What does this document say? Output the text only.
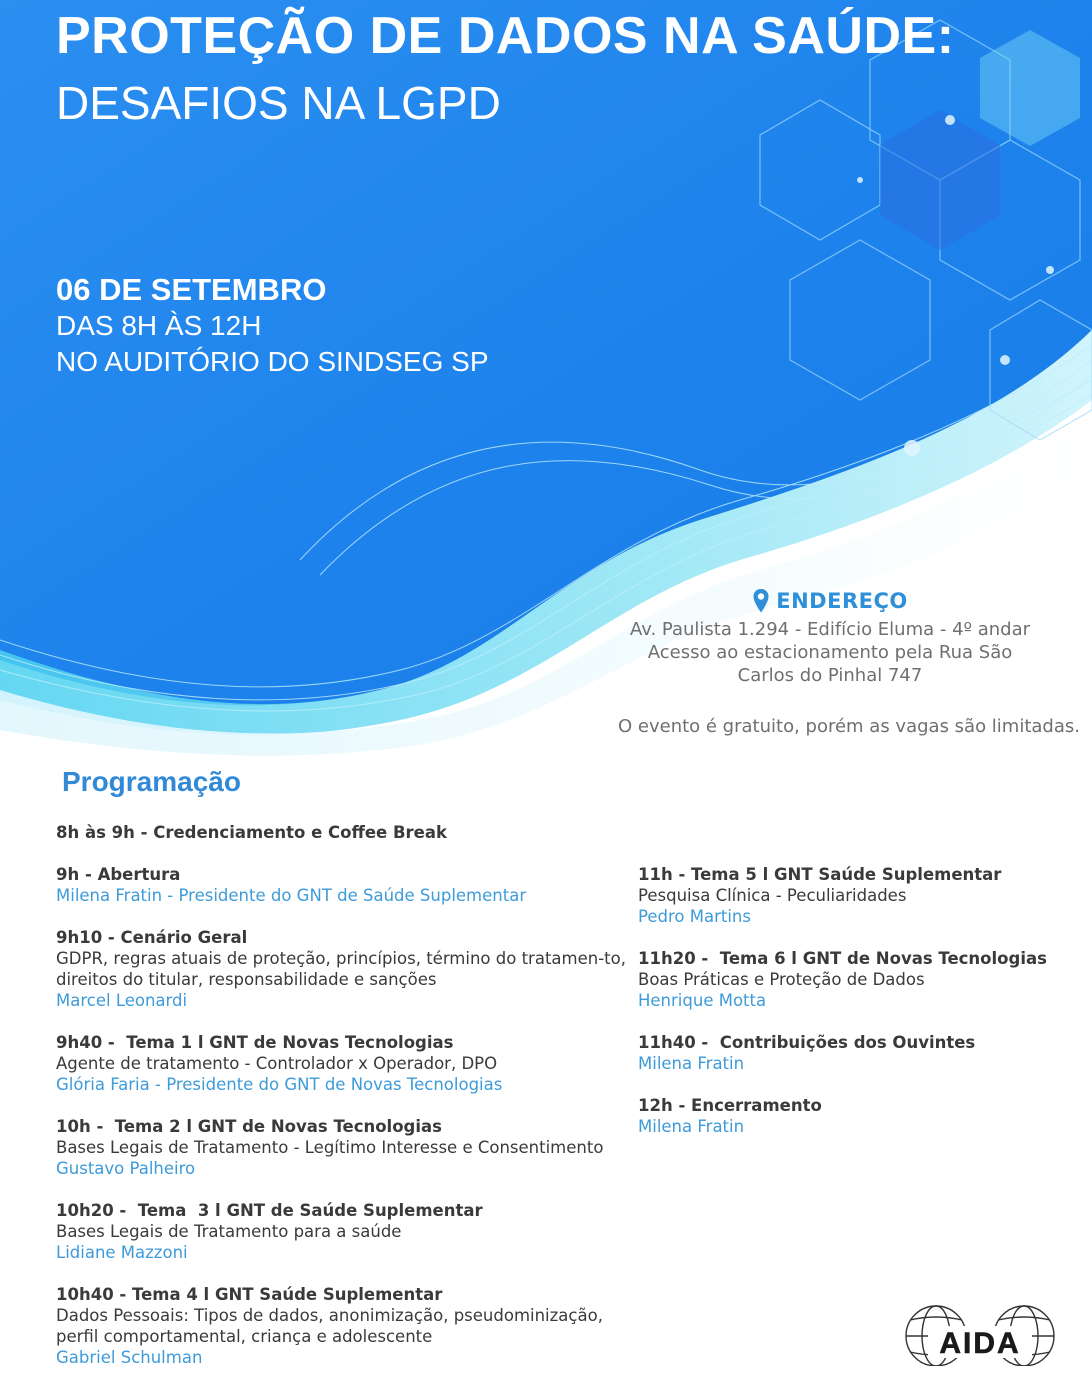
PROTEÇÃO DE DADOS NA SAÚDE:
DESAFIOS NA LGPD
06 DE SETEMBRO
DAS 8H ÀS 12H
NO AUDITÓRIO DO SINDSEG SP
ENDEREÇO
Av. Paulista 1.294 - Edifício Eluma - 4º andar
Acesso ao estacionamento pela Rua São
Carlos do Pinhal 747
O evento é gratuito, porém as vagas são limitadas.
Programação
8h às 9h - Credenciamento e Coffee Break
9h - Abertura
Milena Fratin - Presidente do GNT de Saúde Suplementar
9h10 - Cenário Geral
GDPR, regras atuais de proteção, princípios, término do tratamen-to, direitos do titular, responsabilidade e sanções
Marcel Leonardi
9h40 -  Tema 1 l GNT de Novas Tecnologias
Agente de tratamento - Controlador x Operador, DPO
Glória Faria - Presidente do GNT de Novas Tecnologias
10h -  Tema 2 l GNT de Novas Tecnologias
Bases Legais de Tratamento - Legítimo Interesse e Consentimento
Gustavo Palheiro
10h20 -  Tema  3 l GNT de Saúde Suplementar
Bases Legais de Tratamento para a saúde
Lidiane Mazzoni
10h40 - Tema 4 l GNT Saúde Suplementar
Dados Pessoais: Tipos de dados, anonimização, pseudominização, perfil comportamental, criança e adolescente
Gabriel Schulman
11h - Tema 5 l GNT Saúde Suplementar
Pesquisa Clínica - Peculiaridades
Pedro Martins
11h20 -  Tema 6 l GNT de Novas Tecnologias
Boas Práticas e Proteção de Dados
Henrique Motta
11h40 -  Contribuições dos Ouvintes
Milena Fratin
12h - Encerramento
Milena Fratin
AIDA
